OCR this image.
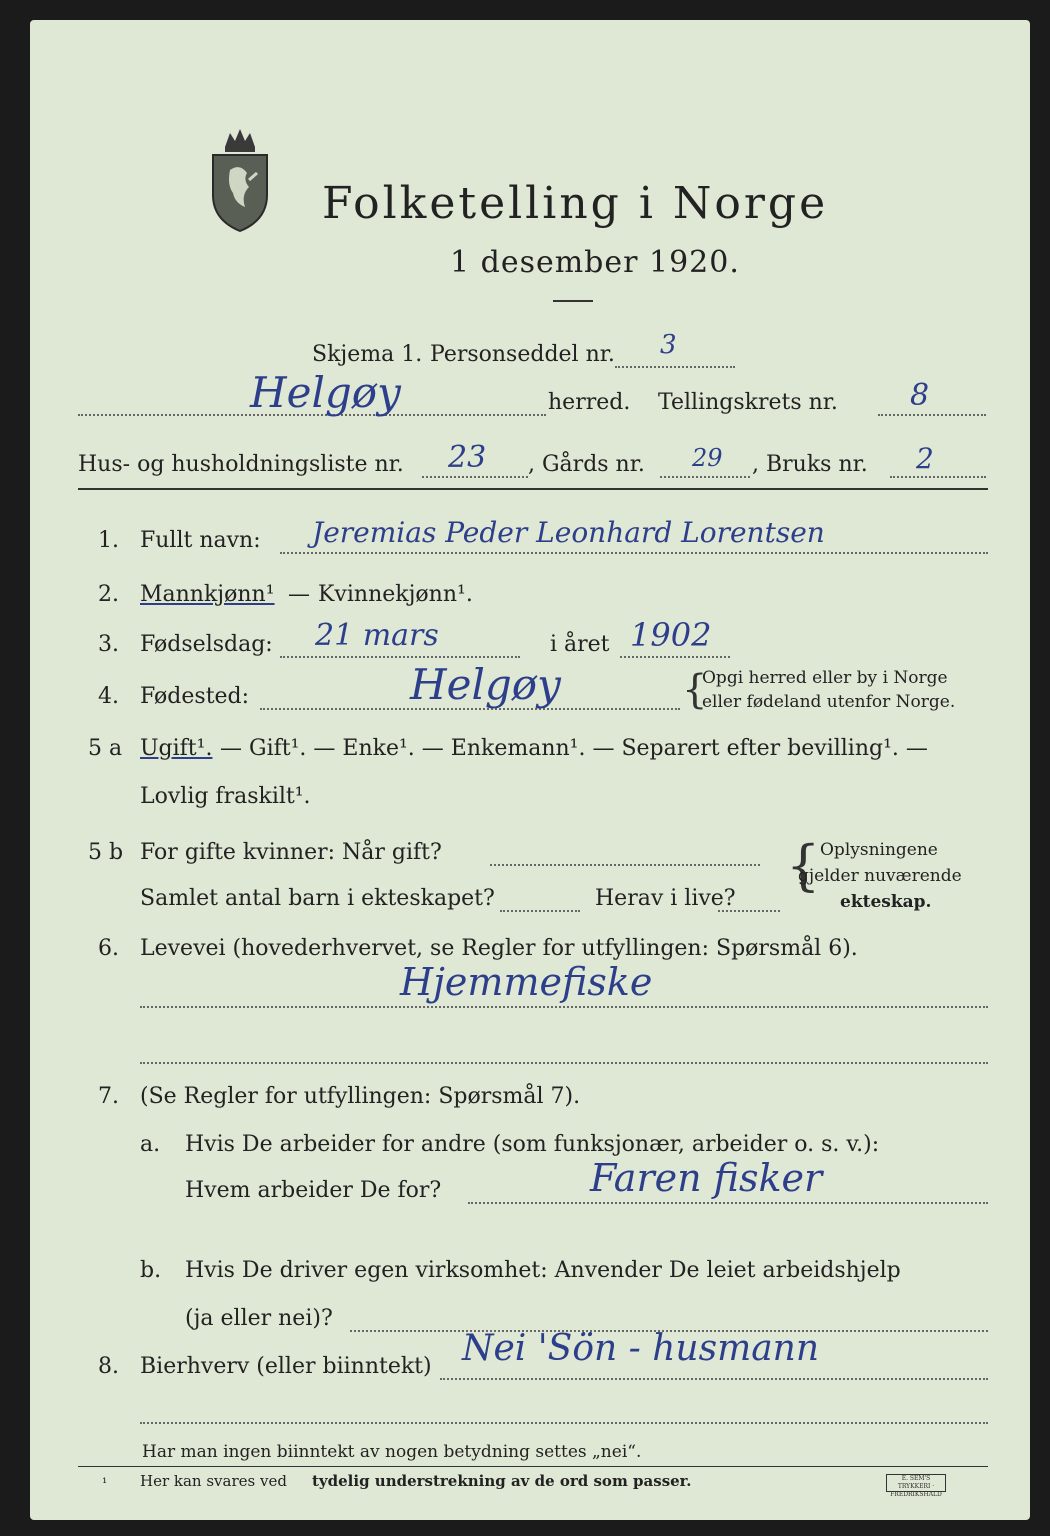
Folketelling i Norge
1 desember 1920.
Skjema 1. Personseddel nr. 3
Helgøy	herred. Tellingskrets nr. 8
Hus- og husholdningsliste nr. 23 , Gårds nr. 29 , Bruks nr. 2
1. Fullt navn: Jeremias Peder Leonhard Lorentsen
2. Mannkjønn¹ — Kvinnekjønn¹.
3. Fødselsdag: 21 mars	i året 1902
4. Fødested:	Helgøy	{
Opgi herred eller by i Norge
eller fødeland utenfor Norge.
5 a Ugift¹. — Gift¹. — Enke¹. — Enkemann¹. — Separert efter bevilling¹. —
Lovlig fraskilt¹.
5 b For gifte kvinner: Når gift?
Samlet antal barn i ekteskapet?	Herav i live?
{ Oplysningene
gjelder nuværende
ekteskap.
6. Levevei (hovederhvervet, se Regler for utfyllingen: Spørsmål 6).
Hjemmefiske
7. (Se Regler for utfyllingen: Spørsmål 7).
a. Hvis De arbeider for andre (som funksjonær, arbeider o. s. v.):
Hvem arbeider De for?	Faren fisker
b. Hvis De driver egen virksomhet: Anvender De leiet arbeidshjelp
(ja eller nei)?
8. Bierhverv (eller biinntekt) Nei 'Sön - husmann
Har man ingen biinntekt av nogen betydning settes „nei“.
¹ Her kan svares ved tydelig understrekning av de ord som passer.	E. SEM'S TRYKKERI · FREDRIKSHALD
